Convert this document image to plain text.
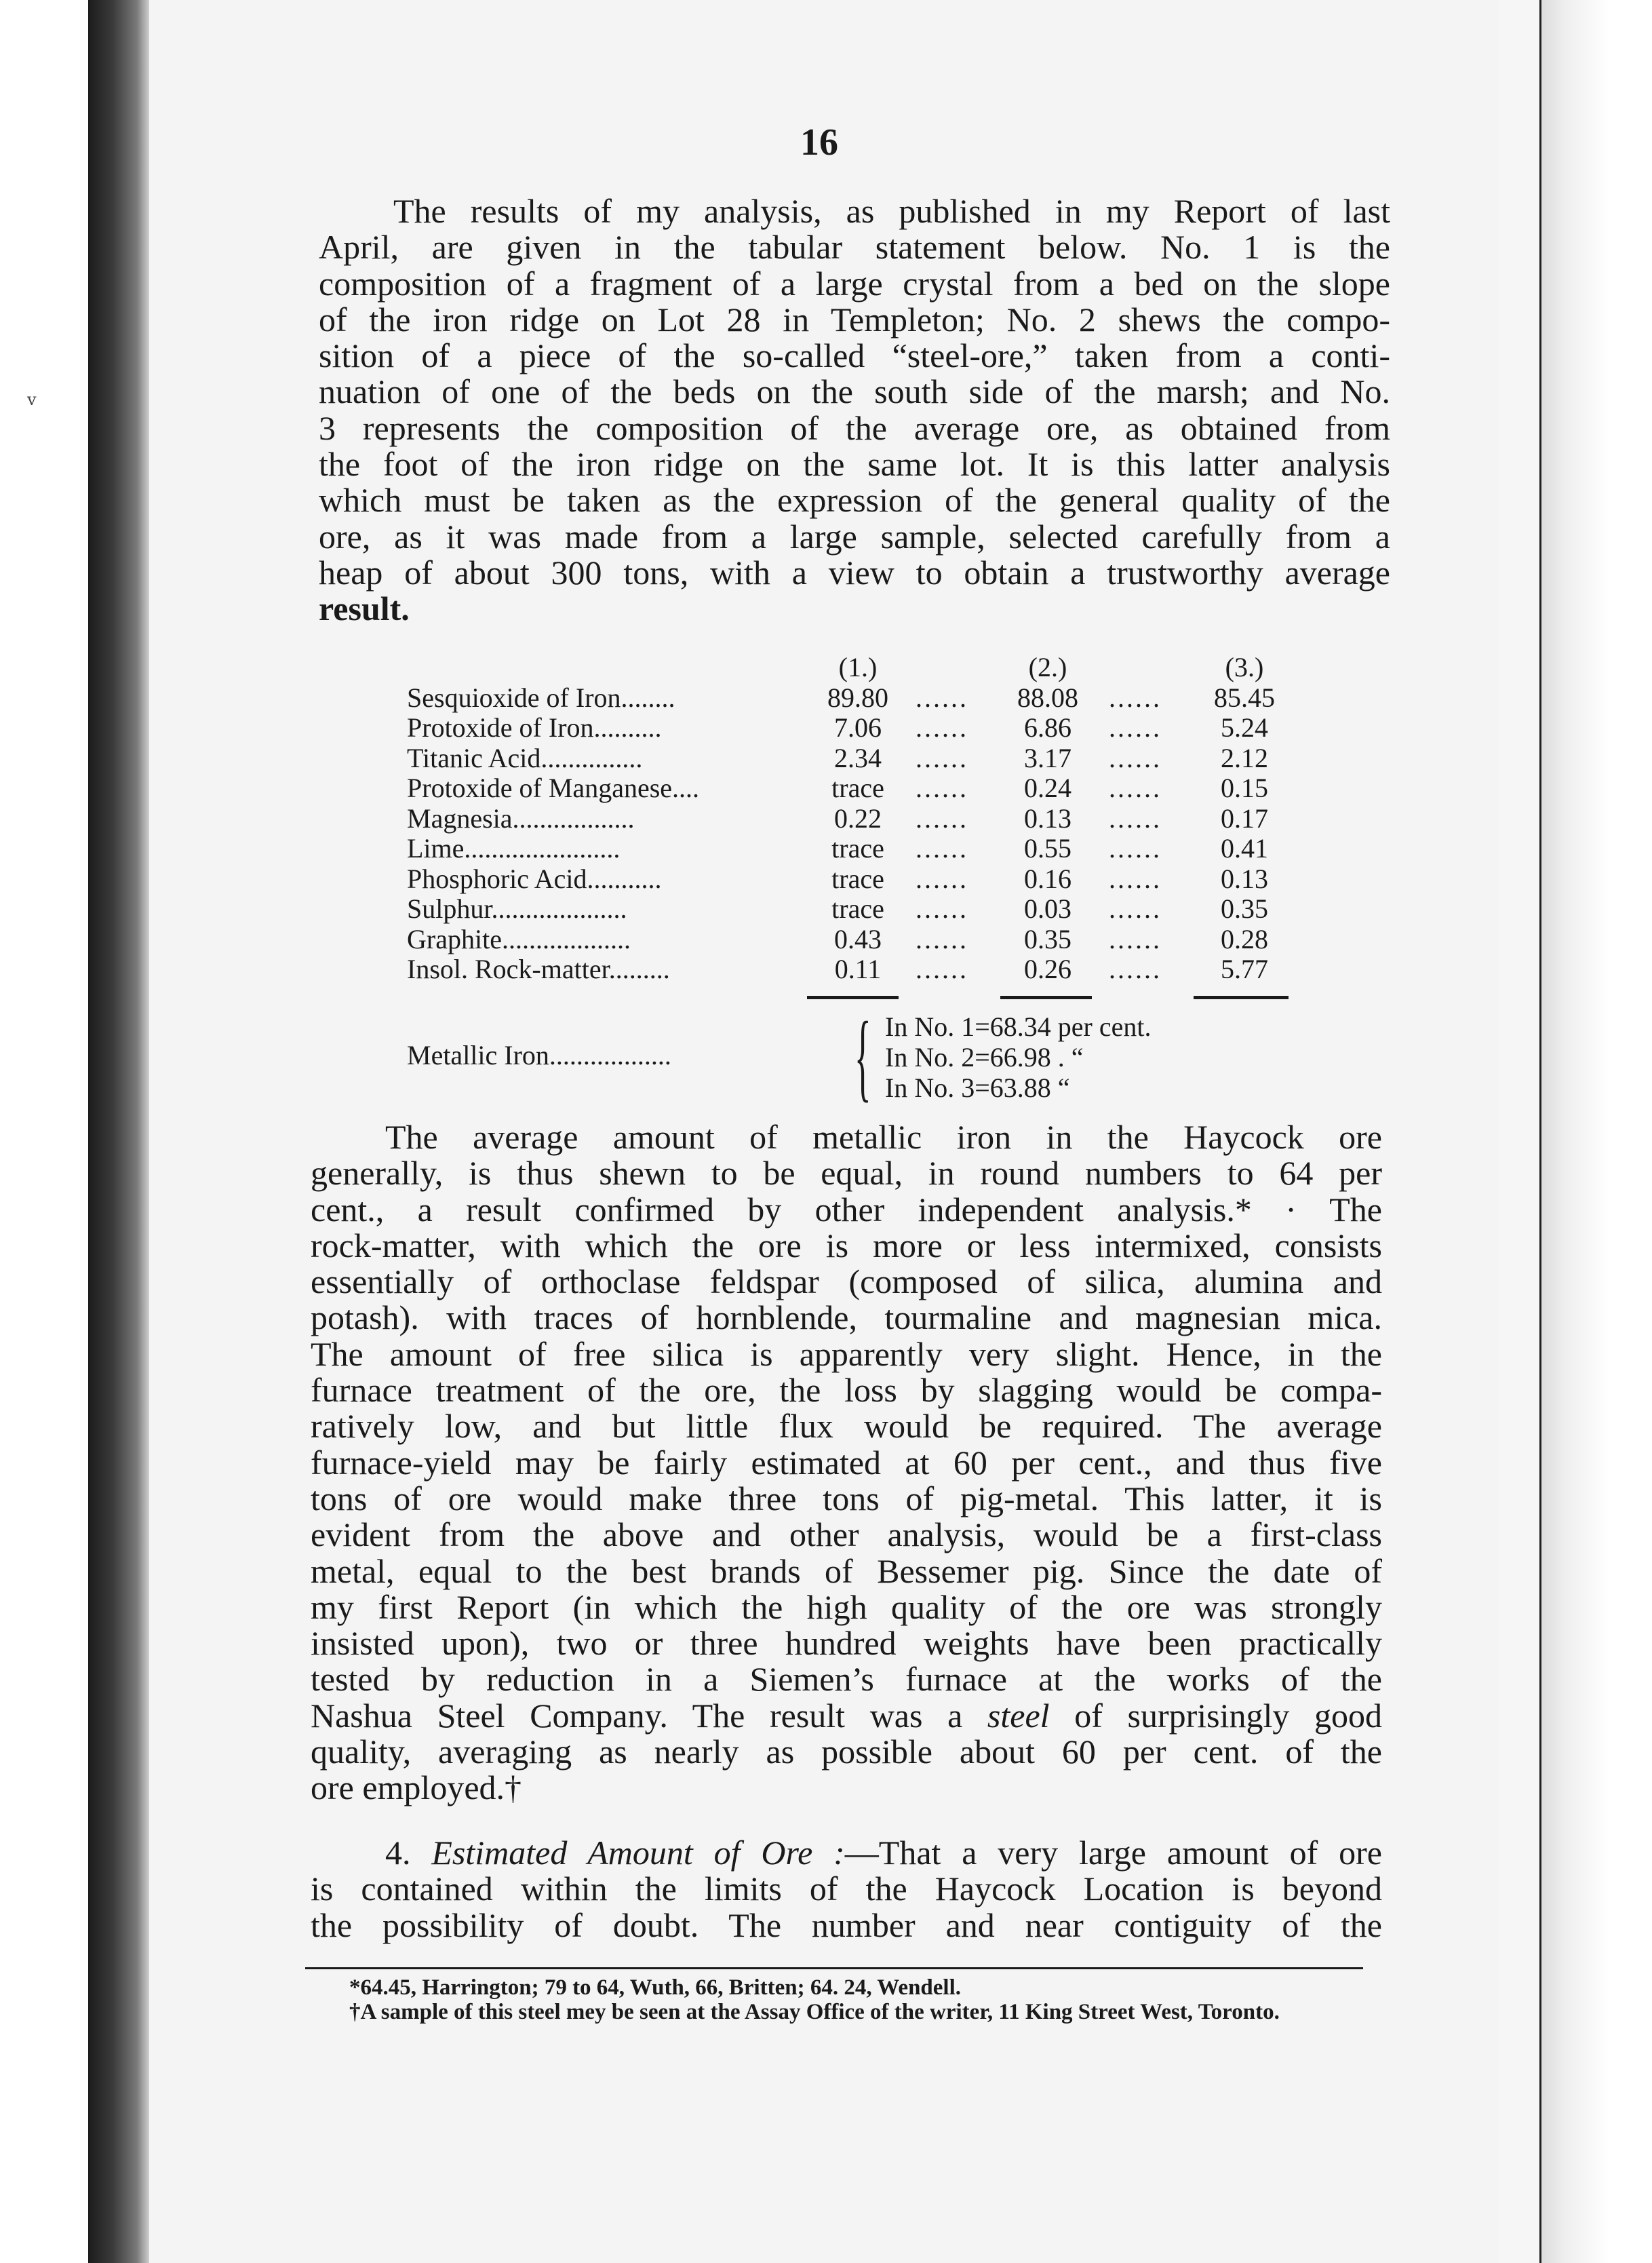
v
16
The results of my analysis, as published in my Report of last
April, are given in the tabular statement below. No. 1 is the
composition of a fragment of a large crystal from a bed on the slope
of the iron ridge on Lot 28 in Templeton; No. 2 shews the compo-
sition of a piece of the so-called “steel-ore,” taken from a conti-
nuation of one of the beds on the south side of the marsh; and No.
3 represents the composition of the average ore, as obtained from
the foot of the iron ridge on the same lot. It is this latter analysis
which must be taken as the expression of the general quality of the
ore, as it was made from a large sample, selected carefully from a
heap of about 300 tons, with a view to obtain a trustworthy average
result.
(1.)	(2.)	(3.)
Sesquioxide of Iron........	89.80	......	88.08	......	85.45
Protoxide of Iron..........	7.06	......	6.86	......	5.24
Titanic Acid...............	2.34	......	3.17	......	2.12
Protoxide of Manganese....	trace	......	0.24	......	0.15
Magnesia..................	0.22	......	0.13	......	0.17
Lime.......................	trace	......	0.55	......	0.41
Phosphoric Acid...........	trace	......	0.16	......	0.13
Sulphur....................	trace	......	0.03	......	0.35
Graphite...................	0.43	......	0.35	......	0.28
Insol. Rock-matter.........	0.11	......	0.26	......	5.77
Metallic Iron.................. { In No. 1=68.34 per cent.
In No. 2=66.98 . “
In No. 3=63.88 “
The average amount of metallic iron in the Haycock ore
generally, is thus shewn to be equal, in round numbers to 64 per
cent., a result confirmed by other independent analysis.* · The
rock-matter, with which the ore is more or less intermixed, consists
essentially of orthoclase feldspar (composed of silica, alumina and
potash). with traces of hornblende, tourmaline and magnesian mica.
The amount of free silica is apparently very slight. Hence, in the
furnace treatment of the ore, the loss by slagging would be compa-
ratively low, and but little flux would be required. The average
furnace-yield may be fairly estimated at 60 per cent., and thus five
tons of ore would make three tons of pig-metal. This latter, it is
evident from the above and other analysis, would be a first-class
metal, equal to the best brands of Bessemer pig. Since the date of
my first Report (in which the high quality of the ore was strongly
insisted upon), two or three hundred weights have been practically
tested by reduction in a Siemen’s furnace at the works of the
Nashua Steel Company. The result was a steel of surprisingly good
quality, averaging as nearly as possible about 60 per cent. of the
ore employed.†
4. Estimated Amount of Ore :—That a very large amount of ore
is contained within the limits of the Haycock Location is beyond
the possibility of doubt. The number and near contiguity of the
*64.45, Harrington; 79 to 64, Wuth, 66, Britten; 64. 24, Wendell.
†A sample of this steel mey be seen at the Assay Office of the writer, 11 King Street West, Toronto.
